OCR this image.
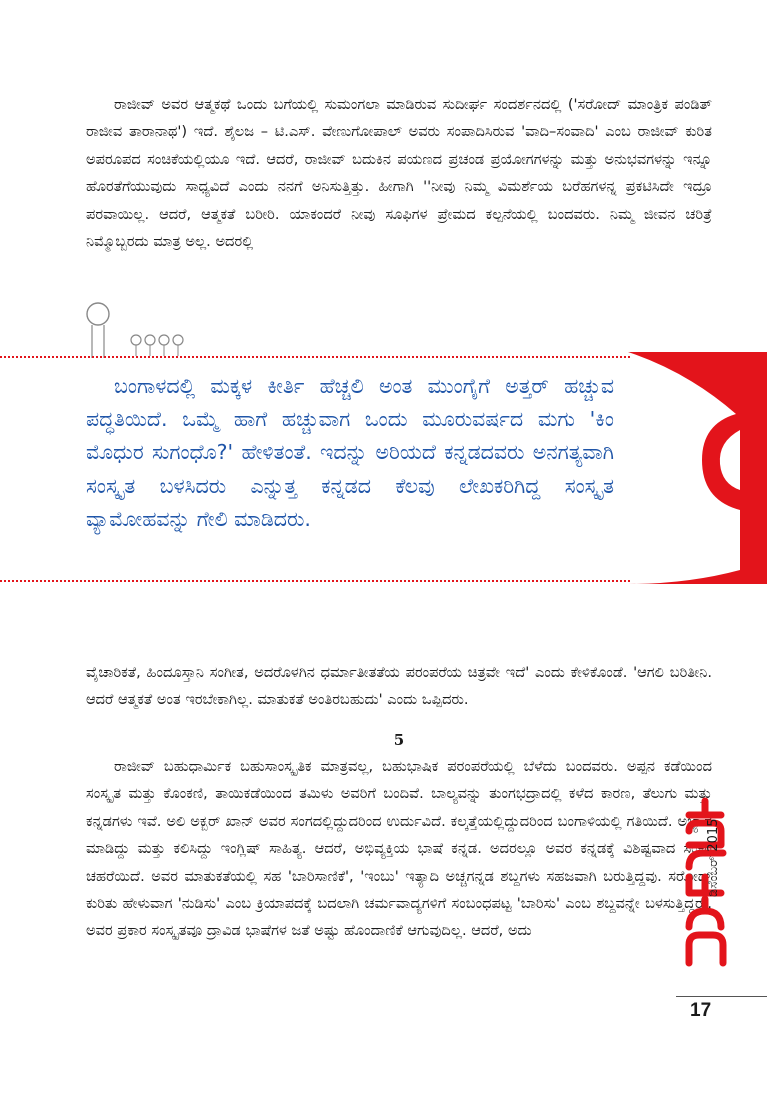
ರಾಜೀವ್ ಅವರ ಆತ್ಮಕಥೆ ಒಂದು ಬಗೆಯಲ್ಲಿ ಸುಮಂಗಲಾ ಮಾಡಿರುವ ಸುದೀರ್ಘ ಸಂದರ್ಶನದಲ್ಲಿ ('ಸರೋದ್ ಮಾಂತ್ರಿಕ ಪಂಡಿತ್ ರಾಜೀವ ತಾರಾನಾಥ') ಇದೆ. ಶೈಲಜ – ಟಿ.ಎಸ್. ವೇಣುಗೋಪಾಲ್ ಅವರು ಸಂಪಾದಿಸಿರುವ 'ವಾದಿ–ಸಂವಾದಿ' ಎಂಬ ರಾಜೀವ್ ಕುರಿತ ಅಪರೂಪದ ಸಂಚಿಕೆಯಲ್ಲಿಯೂ ಇದೆ. ಆದರೆ, ರಾಜೀವ್ ಬದುಕಿನ ಪಯಣದ ಪ್ರಚಂಡ ಪ್ರಯೋಗಗಳನ್ನು ಮತ್ತು ಅನುಭವಗಳನ್ನು ಇನ್ನೂ ಹೊರತೆಗೆಯುವುದು ಸಾಧ್ಯವಿದೆ ಎಂದು ನನಗೆ ಅನಿಸುತ್ತಿತ್ತು. ಹೀಗಾಗಿ ''ನೀವು ನಿಮ್ಮ ವಿಮರ್ಶೆಯ ಬರೆಹಗಳನ್ನ ಪ್ರಕಟಿಸಿದೇ ಇದ್ರೂ ಪರವಾಯಿಲ್ಲ. ಆದರೆ, ಆತ್ಮಕತೆ ಬರೀರಿ. ಯಾಕಂದರೆ ನೀವು ಸೂಫಿಗಳ ಪ್ರೇಮದ ಕಲ್ಪನೆಯಲ್ಲಿ ಬಂದವರು. ನಿಮ್ಮ ಜೀವನ ಚರಿತ್ರೆ ನಿಮ್ಮೊಬ್ಬರದು ಮಾತ್ರ ಅಲ್ಲ. ಅದರಲ್ಲಿ

ಬಂಗಾಳದಲ್ಲಿ ಮಕ್ಕಳ ಕೀರ್ತಿ ಹೆಚ್ಚಲಿ ಅಂತ ಮುಂಗೈಗೆ ಅತ್ತರ್ ಹಚ್ಚುವ ಪದ್ಧತಿಯಿದೆ. ಒಮ್ಮೆ ಹಾಗೆ ಹಚ್ಚುವಾಗ ಒಂದು ಮೂರುವರ್ಷದ ಮಗು 'ಕಿಂ ಮೊಧುರ ಸುಗಂಧೊ?' ಹೇಳಿತಂತೆ. ಇದನ್ನು ಅರಿಯದೆ ಕನ್ನಡದವರು ಅನಗತ್ಯವಾಗಿ ಸಂಸ್ಕೃತ ಬಳಸಿದರು ಎನ್ನುತ್ತ ಕನ್ನಡದ ಕೆಲವು ಲೇಖಕರಿಗಿದ್ದ ಸಂಸ್ಕೃತ ವ್ಯಾಮೋಹವನ್ನು ಗೇಲಿ ಮಾಡಿದರು.

ವೈಚಾರಿಕತೆ, ಹಿಂದೂಸ್ತಾನಿ ಸಂಗೀತ, ಅದರೊಳಗಿನ ಧರ್ಮಾತೀತತೆಯ ಪರಂಪರೆಯ ಚಿತ್ರವೇ ಇದೆ' ಎಂದು ಕೇಳಿಕೊಂಡೆ. 'ಆಗಲಿ ಬರಿತೀನಿ. ಆದರೆ ಆತ್ಮಕತೆ ಅಂತ ಇರಬೇಕಾಗಿಲ್ಲ. ಮಾತುಕತೆ ಅಂತಿರಬಹುದು' ಎಂದು ಒಪ್ಪಿದರು.

5

ರಾಜೀವ್ ಬಹುಧಾರ್ಮಿಕ ಬಹುಸಾಂಸ್ಕೃತಿಕ ಮಾತ್ರವಲ್ಲ, ಬಹುಭಾಷಿಕ ಪರಂಪರೆಯಲ್ಲಿ ಬೆಳೆದು ಬಂದವರು. ಅಪ್ಪನ ಕಡೆಯಿಂದ ಸಂಸ್ಕೃತ ಮತ್ತು ಕೊಂಕಣಿ, ತಾಯಿಕಡೆಯಿಂದ ತಮಿಳು ಅವರಿಗೆ ಬಂದಿವೆ. ಬಾಲ್ಯವನ್ನು ತುಂಗಭದ್ರಾದಲ್ಲಿ ಕಳೆದ ಕಾರಣ, ತೆಲುಗು ಮತ್ತು ಕನ್ನಡಗಳು ಇವೆ. ಅಲಿ ಅಕ್ಬರ್ ಖಾನ್ ಅವರ ಸಂಗದಲ್ಲಿದ್ದುದರಿಂದ ಉರ್ದುವಿದೆ. ಕಲ್ಕತ್ತೆಯಲ್ಲಿದ್ದುದರಿಂದ ಬಂಗಾಳಿಯಲ್ಲಿ ಗತಿಯಿದೆ. ಅಭ್ಯಾಸ ಮಾಡಿದ್ದು ಮತ್ತು ಕಲಿಸಿದ್ದು ಇಂಗ್ಲಿಷ್ ಸಾಹಿತ್ಯ. ಆದರೆ, ಅಭಿವ್ಯಕ್ತಿಯ ಭಾಷೆ ಕನ್ನಡ. ಅದರಲ್ಲೂ ಅವರ ಕನ್ನಡಕ್ಕೆ ವಿಶಿಷ್ಟವಾದ ಸಂಕರ ಚಹರೆಯಿದೆ. ಅವರ ಮಾತುಕತೆಯಲ್ಲಿ ಸಹ 'ಬಾರಿಸಾಣಿಕೆ', 'ಇಂಬು' ಇತ್ಯಾದಿ ಅಚ್ಚಗನ್ನಡ ಶಬ್ದಗಳು ಸಹಜವಾಗಿ ಬರುತ್ತಿದ್ದವು. ಸರೋದ್ ಕುರಿತು ಹೇಳುವಾಗ 'ನುಡಿಸು' ಎಂಬ ಕ್ರಿಯಾಪದಕ್ಕೆ ಬದಲಾಗಿ ಚರ್ಮವಾದ್ಯಗಳಿಗೆ ಸಂಬಂಧಪಟ್ಟ 'ಬಾರಿಸು' ಎಂಬ ಶಬ್ದವನ್ನೇ ಬಳಸುತ್ತಿದ್ದರು. ಅವರ ಪ್ರಕಾರ ಸಂಸ್ಕೃತವೂ ದ್ರಾವಿಡ ಭಾಷೆಗಳ ಜತೆ ಅಷ್ಟು ಹೊಂದಾಣಿಕೆ ಆಗುವುದಿಲ್ಲ. ಆದರೆ, ಅದು

ಡಿಸೆಂಬರ್ 2015
17
